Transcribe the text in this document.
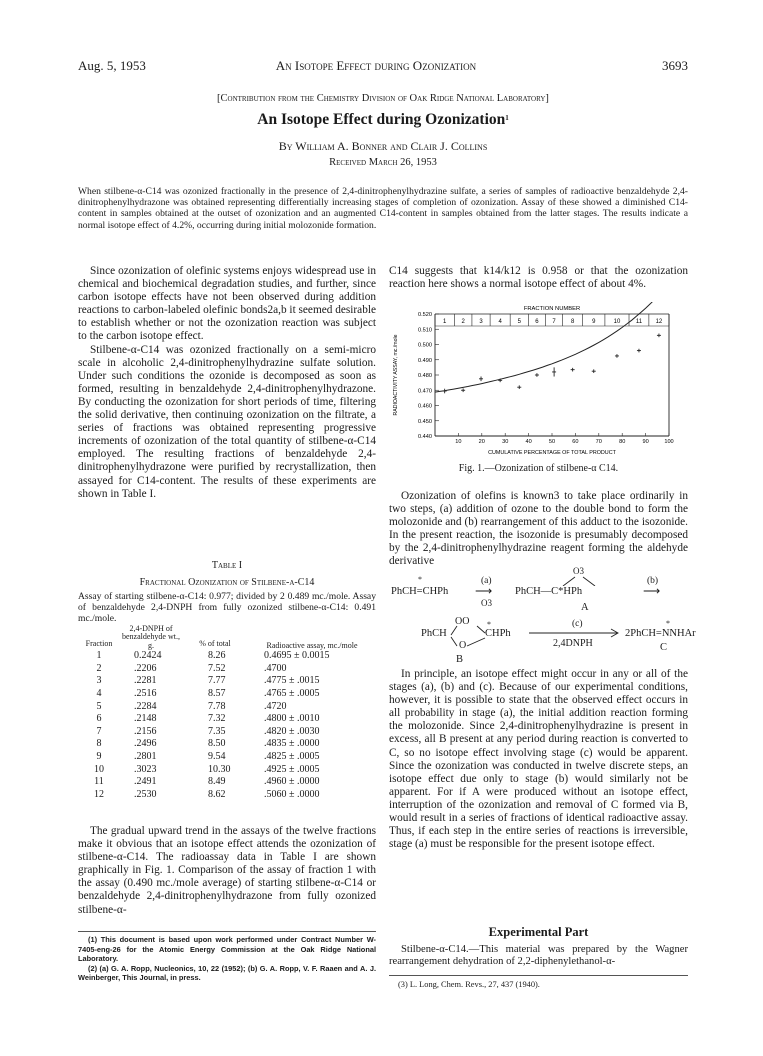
Aug. 5, 1953	An Isotope Effect during Ozonization	3693
[Contribution from the Chemistry Division of Oak Ridge National Laboratory]
An Isotope Effect during Ozonization$^1$
By William A. Bonner and Clair J. Collins
Received March 26, 1953
When stilbene-α-C14 was ozonized fractionally in the presence of 2,4-dinitrophenylhydrazine sulfate, a series of samples of radioactive benzaldehyde 2,4-dinitrophenylhydrazone was obtained representing differentially increasing stages of completion of ozonization. Assay of these showed a diminished C14-content in samples obtained at the outset of ozonization and an augmented C14-content in samples obtained from the latter stages. The results indicate a normal isotope effect of 4.2%, occurring during initial molozonide formation.

Since ozonization of olefinic systems enjoys widespread use in chemical and biochemical degradation studies, and further, since carbon isotope effects have not been observed during addition reactions to carbon-labeled olefinic bonds2a,b it seemed desirable to establish whether or not the ozonization reaction was subject to the carbon isotope effect.

Stilbene-α-C14 was ozonized fractionally on a semi-micro scale in alcoholic 2,4-dinitrophenylhydrazine sulfate solution. Under such conditions the ozonide is decomposed as soon as formed, resulting in benzaldehyde 2,4-dinitrophenylhydrazone. By conducting the ozonization for short periods of time, filtering the solid derivative, then continuing ozonization on the filtrate, a series of fractions was obtained representing progressive increments of ozonization of the total quantity of stilbene-α-C14 employed. The resulting fractions of benzaldehyde 2,4-dinitrophenylhydrazone were purified by recrystallization, then assayed for C14-content. The results of these experiments are shown in Table I.

Table I
Fractional Ozonization of Stilbene-α-C14
Assay of starting stilbene-α-C14: 0.977; divided by 2 0.489 mc./mole. Assay of benzaldehyde 2,4-DNPH from fully ozonized stilbene-α-C14: 0.491 mc./mole.
Fraction	2,4-DNPH of benzaldehyde wt., g.	% of total	Radioactive assay, mc./mole
1	0.2424	8.26	0.4695 ± 0.0015
2	.2206	7.52	.4700
3	.2281	7.77	.4775 ± .0015
4	.2516	8.57	.4765 ± .0005
5	.2284	7.78	.4720
6	.2148	7.32	.4800 ± .0010
7	.2156	7.35	.4820 ± .0030
8	.2496	8.50	.4835 ± .0000
9	.2801	9.54	.4825 ± .0005
10	.3023	10.30	.4925 ± .0005
11	.2491	8.49	.4960 ± .0000
12	.2530	8.62	.5060 ± .0000

The gradual upward trend in the assays of the twelve fractions make it obvious that an isotope effect attends the ozonization of stilbene-α-C14. The radioassay data in Table I are shown graphically in Fig. 1. Comparison of the assay of fraction 1 with the assay (0.490 mc./mole average) of starting stilbene-α-C14 or benzaldehyde 2,4-dinitrophenylhydrazone from fully ozonized stilbene-α-

(1) This document is based upon work performed under Contract Number W-7405-eng-26 for the Atomic Energy Commission at the Oak Ridge National Laboratory.
(2) (a) G. A. Ropp, Nucleonics, 10, 22 (1952); (b) G. A. Ropp, V. F. Raaen and A. J. Weinberger, This Journal, in press.

C14 suggests that k14/k12 is 0.958 or that the ozonization reaction here shows a normal isotope effect of about 4%.

FRACTION NUMBER
1	2 3	4	5 6 7	8	9	10	11 12
0.440
0.450
0.460
0.470
0.480
0.490
0.500
0.510
0.520
10	20	30	40	50	60	70	80	90	100
CUMULATIVE PERCENTAGE OF TOTAL PRODUCT
RADIOACTIVITY ASSAY, mc./mole
Fig. 1.—Ozonization of stilbene-α C14.

Ozonization of olefins is known3 to take place ordinarily in two steps, (a) addition of ozone to the double bond to form the molozonide and (b) rearrangement of this adduct to the isozonide. In the present reaction, the isozonide is presumably decomposed by the 2,4-dinitrophenylhydrazine reagent forming the aldehyde derivative

O3
*
PhCH=CHPh
(a)
⟶
O3
PhCH—C*HPh
(b)
⟶
A
PhCH
OO
O
*
CHPh
(c)
2,4DNPH
*
2PhCH=NNHAr
B
C

In principle, an isotope effect might occur in any or all of the stages (a), (b) and (c). Because of our experimental conditions, however, it is possible to state that the observed effect occurs in all probability in stage (a), the initial addition reaction forming the molozonide. Since 2,4-dinitrophenylhydrazine is present in excess, all B present at any period during reaction is converted to C, so no isotope effect involving stage (c) would be apparent. Since the ozonization was conducted in twelve discrete steps, an isotope effect due only to stage (b) would similarly not be apparent. For if A were produced without an isotope effect, interruption of the ozonization and removal of C formed via B, would result in a series of fractions of identical radioactive assay. Thus, if each step in the entire series of reactions is irreversible, stage (a) must be responsible for the present isotope effect.

Experimental Part

Stilbene-α-C14.—This material was prepared by the Wagner rearrangement dehydration of 2,2-diphenylethanol-α-

(3) L. Long, Chem. Revs., 27, 437 (1940).
